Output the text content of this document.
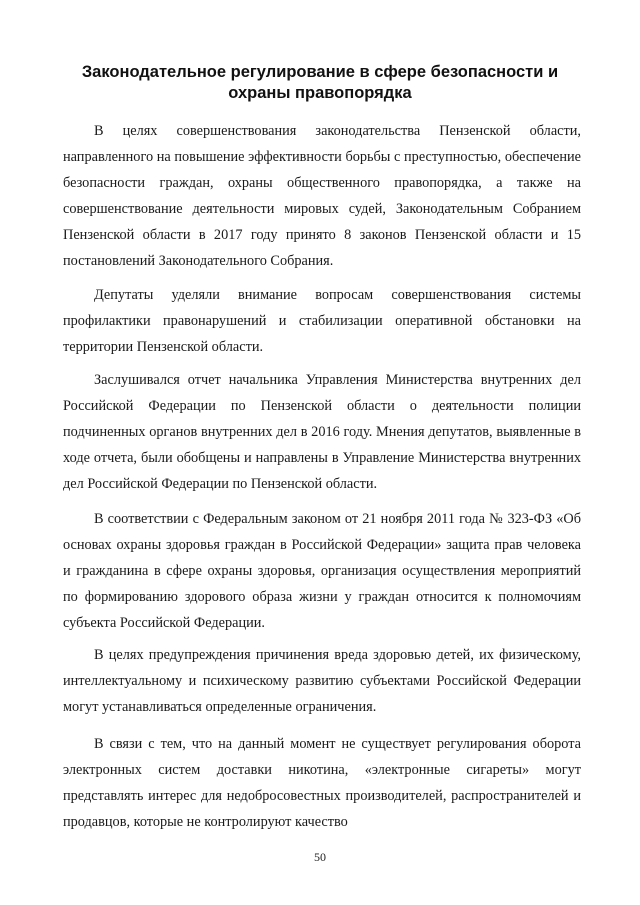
Законодательное регулирование в сфере безопасности и охраны правопорядка

В целях совершенствования законодательства Пензенской области, направленного на повышение эффективности борьбы с преступностью, обеспечение безопасности граждан, охраны общественного правопорядка, а также на совершенствование деятельности мировых судей, Законодательным Собранием Пензенской области в 2017 году принято 8 законов Пензенской области и 15 постановлений Законодательного Собрания.

Депутаты уделяли внимание вопросам совершенствования системы профилактики правонарушений и стабилизации оперативной обстановки на территории Пензенской области.

Заслушивался отчет начальника Управления Министерства внутренних дел Российской Федерации по Пензенской области о деятельности полиции подчиненных органов внутренних дел в 2016 году. Мнения депутатов, выявленные в ходе отчета, были обобщены и направлены в Управление Министерства внутренних дел Российской Федерации по Пензенской области.

В соответствии с Федеральным законом от 21 ноября 2011 года № 323-ФЗ «Об основах охраны здоровья граждан в Российской Федерации» защита прав человека и гражданина в сфере охраны здоровья, организация осуществления мероприятий по формированию здорового образа жизни у граждан относится к полномочиям субъекта Российской Федерации.

В целях предупреждения причинения вреда здоровью детей, их физическому, интеллектуальному и психическому развитию субъектами Российской Федерации могут устанавливаться определенные ограничения.

В связи с тем, что на данный момент не существует регулирования оборота электронных систем доставки никотина, «электронные сигареты» могут представлять интерес для недобросовестных производителей, распространителей и продавцов, которые не контролируют качество

50
